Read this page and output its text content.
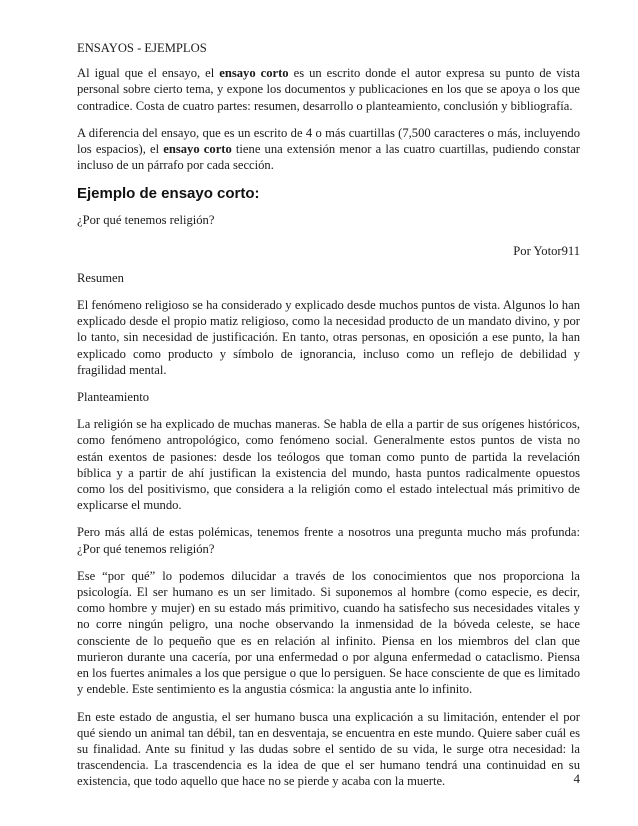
ENSAYOS - EJEMPLOS

Al igual que el ensayo, el ensayo corto es un escrito donde el autor expresa su punto de vista personal sobre cierto tema, y expone los documentos y publicaciones en los que se apoya o los que contradice. Costa de cuatro partes: resumen, desarrollo o planteamiento, conclusión y bibliografía.

A diferencia del ensayo, que es un escrito de 4 o más cuartillas (7,500 caracteres o más, incluyendo los espacios), el ensayo corto tiene una extensión menor a las cuatro cuartillas, pudiendo constar incluso de un párrafo por cada sección.

Ejemplo de ensayo corto:

¿Por qué tenemos religión?

Por Yotor911

Resumen

El fenómeno religioso se ha considerado y explicado desde muchos puntos de vista. Algunos lo han explicado desde el propio matiz religioso, como la necesidad producto de un mandato divino, y por lo tanto, sin necesidad de justificación. En tanto, otras personas, en oposición a ese punto, la han explicado como producto y símbolo de ignorancia, incluso como un reflejo de debilidad y fragilidad mental.

Planteamiento

La religión se ha explicado de muchas maneras. Se habla de ella a partir de sus orígenes históricos, como fenómeno antropológico, como fenómeno social. Generalmente estos puntos de vista no están exentos de pasiones: desde los teólogos que toman como punto de partida la revelación bíblica y a partir de ahí justifican la existencia del mundo, hasta puntos radicalmente opuestos como los del positivismo, que considera a la religión como el estado intelectual más primitivo de explicarse el mundo.

Pero más allá de estas polémicas, tenemos frente a nosotros una pregunta mucho más profunda: ¿Por qué tenemos religión?

Ese “por qué” lo podemos dilucidar a través de los conocimientos que nos proporciona la psicología. El ser humano es un ser limitado. Si suponemos al hombre (como especie, es decir, como hombre y mujer) en su estado más primitivo, cuando ha satisfecho sus necesidades vitales y no corre ningún peligro, una noche observando la inmensidad de la bóveda celeste, se hace consciente de lo pequeño que es en relación al infinito. Piensa en los miembros del clan que murieron durante una cacería, por una enfermedad o por alguna enfermedad o cataclismo. Piensa en los fuertes animales a los que persigue o que lo persiguen. Se hace consciente de que es limitado y endeble. Este sentimiento es la angustia cósmica: la angustia ante lo infinito.

En este estado de angustia, el ser humano busca una explicación a su limitación, entender el por qué siendo un animal tan débil, tan en desventaja, se encuentra en este mundo. Quiere saber cuál es su finalidad. Ante su finitud y las dudas sobre el sentido de su vida, le surge otra necesidad: la trascendencia. La trascendencia es la idea de que el ser humano tendrá una continuidad en su existencia, que todo aquello que hace no se pierde y acaba con la muerte.	4
